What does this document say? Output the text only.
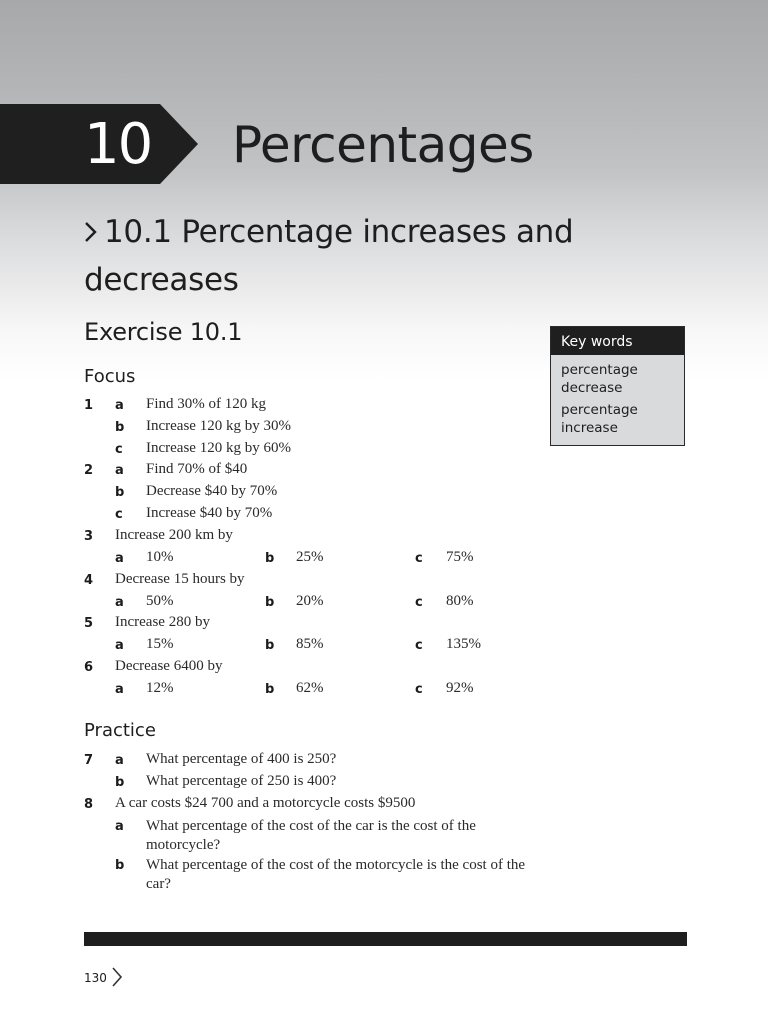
10 Percentages
10.1 Percentage increases and decreases
Exercise 10.1	Key words
percentage decrease
percentage increase
Focus
1 a Find 30% of 120 kg
b Increase 120 kg by 30%
c Increase 120 kg by 60%
2 a Find 70% of $40
b Decrease $40 by 70%
c Increase $40 by 70%
3 Increase 200 km by
a 10%	b 25%	c 75%
4 Decrease 15 hours by
a 50%	b 20%	c 80%
5 Increase 280 by
a 15%	b 85%	c 135%
6 Decrease 6400 by
a 12%	b 62%	c 92%
Practice
7 a What percentage of 400 is 250?
b What percentage of 250 is 400?
8 A car costs $24 700 and a motorcycle costs $9500
a What percentage of the cost of the car is the cost of the motorcycle?
b What percentage of the cost of the motorcycle is the cost of the car?
130
